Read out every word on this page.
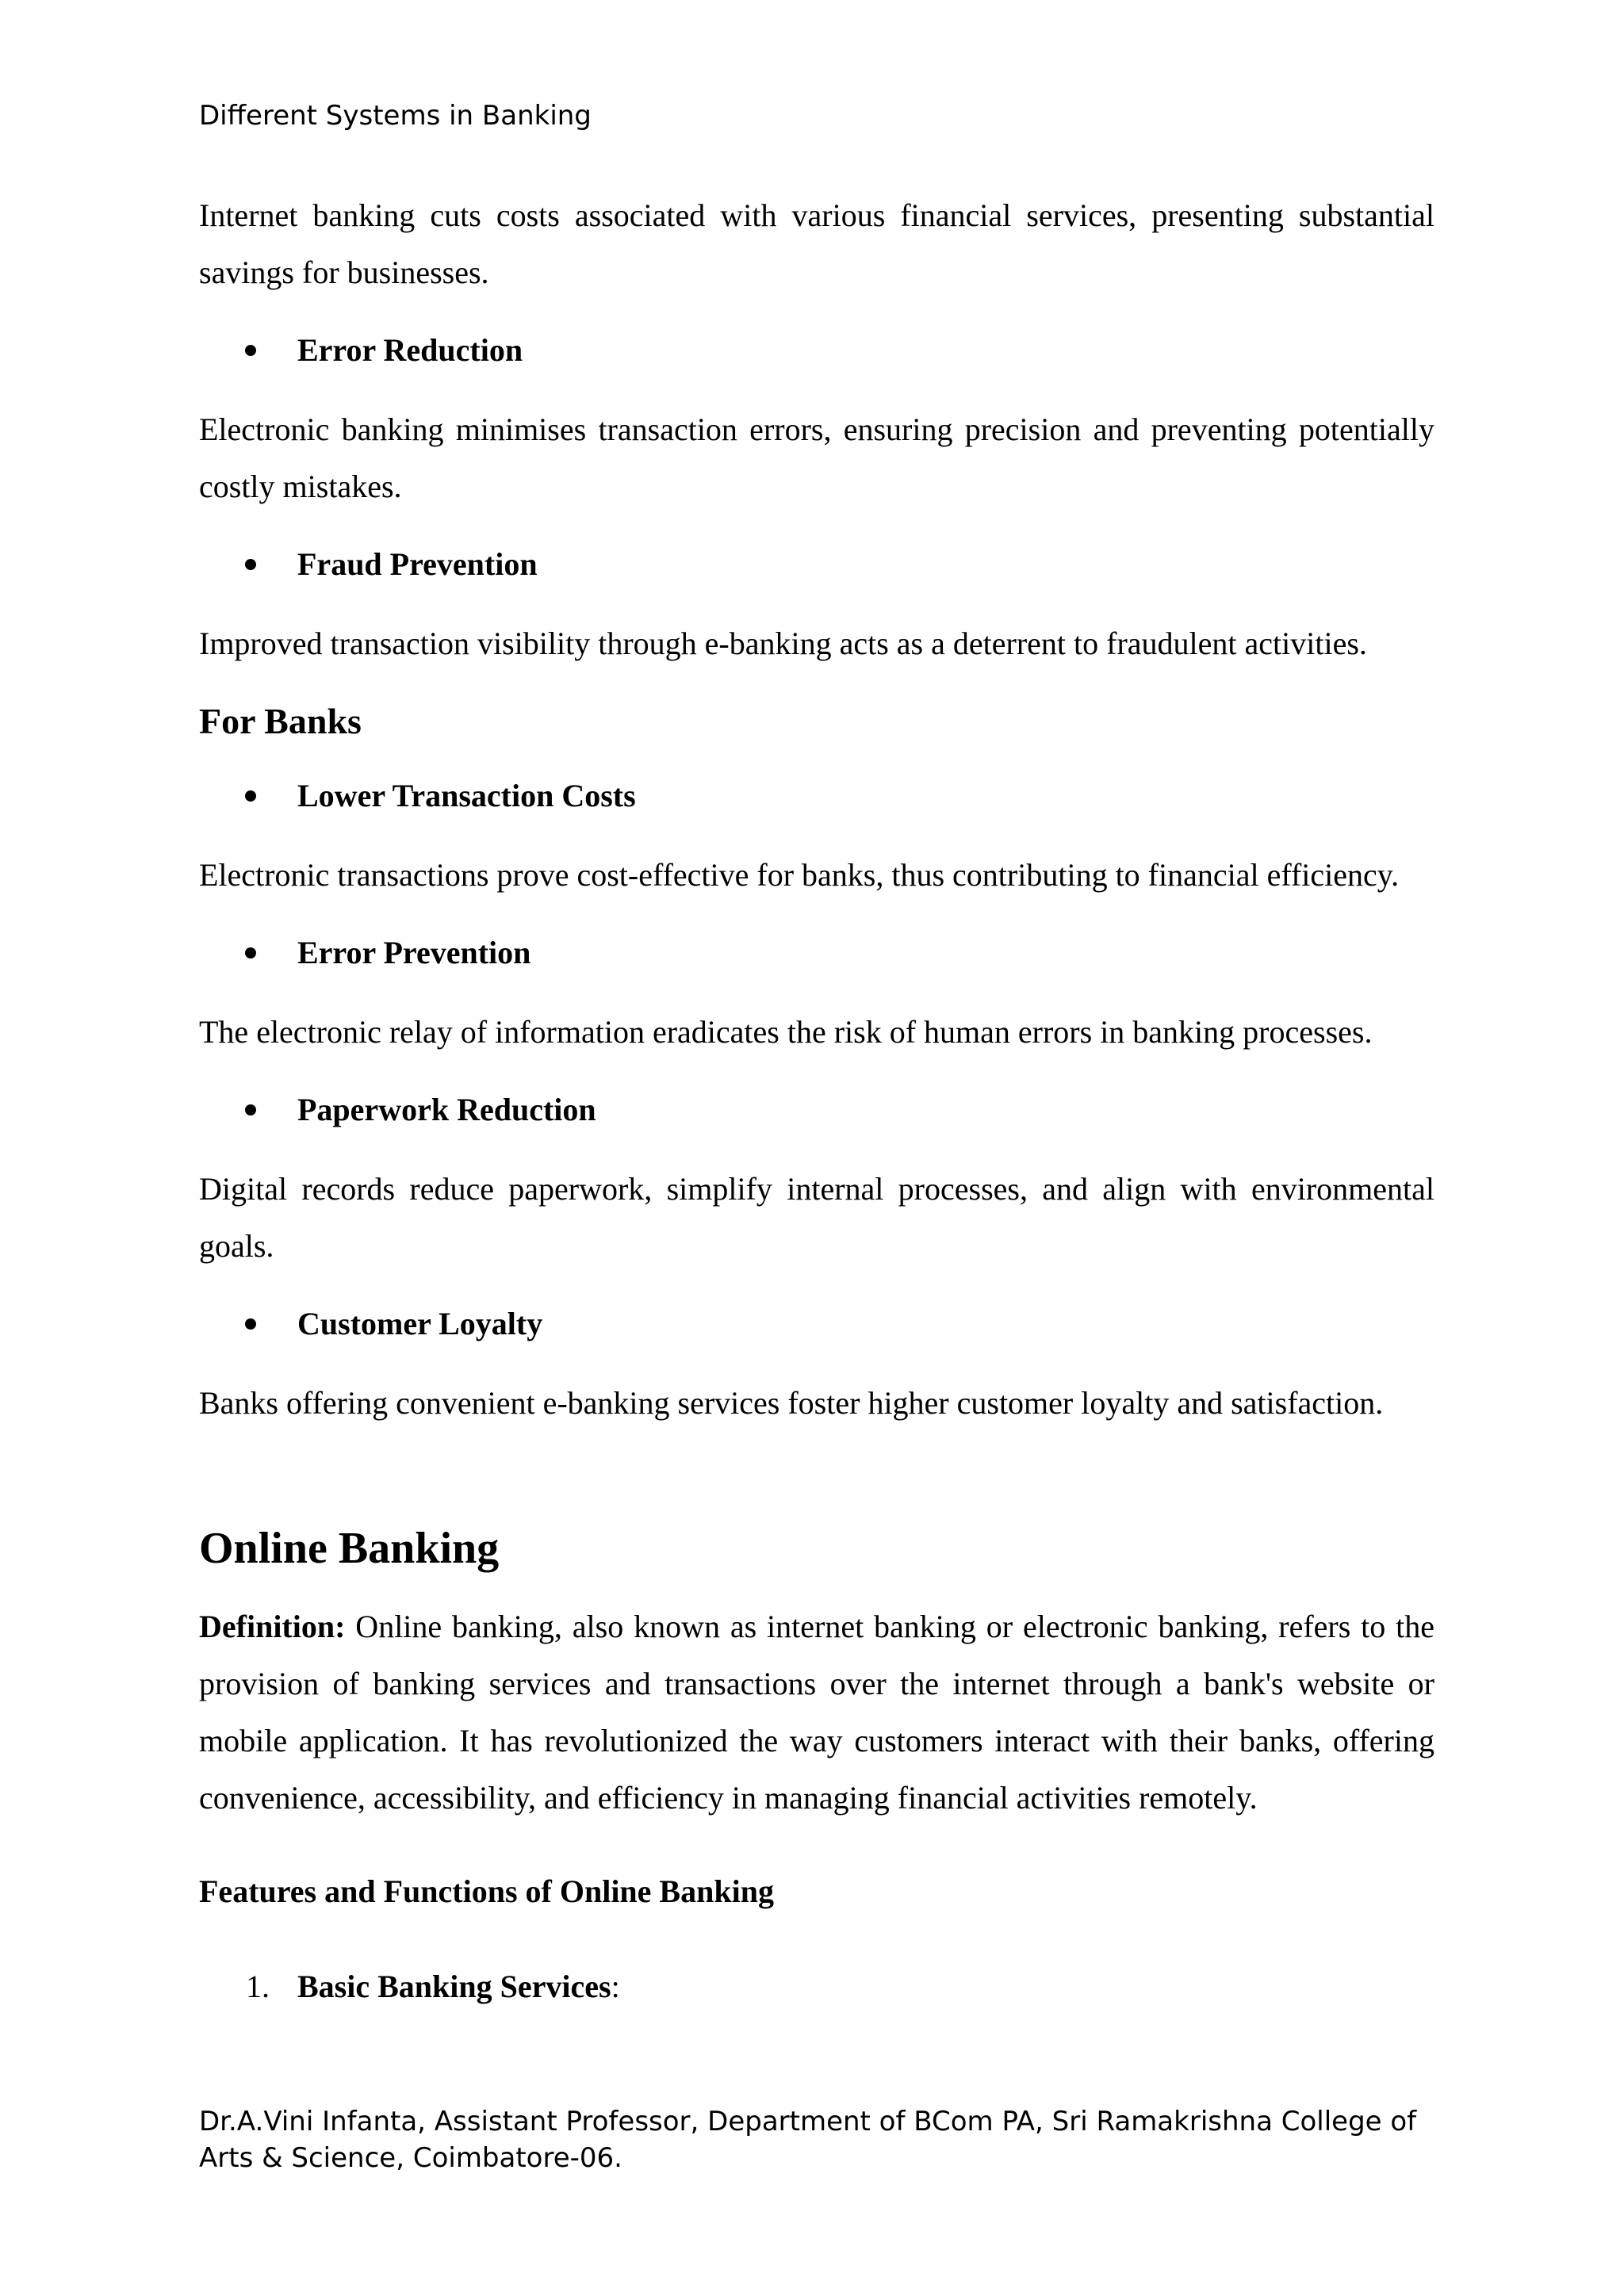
Different Systems in Banking

Internet banking cuts costs associated with various financial services, presenting substantial savings for businesses.

Error Reduction

Electronic banking minimises transaction errors, ensuring precision and preventing potentially costly mistakes.

Fraud Prevention

Improved transaction visibility through e-banking acts as a deterrent to fraudulent activities.

For Banks

Lower Transaction Costs

Electronic transactions prove cost-effective for banks, thus contributing to financial efficiency.

Error Prevention

The electronic relay of information eradicates the risk of human errors in banking processes.

Paperwork Reduction

Digital records reduce paperwork, simplify internal processes, and align with environmental goals.

Customer Loyalty

Banks offering convenient e-banking services foster higher customer loyalty and satisfaction.

Online Banking

Definition: Online banking, also known as internet banking or electronic banking, refers to the provision of banking services and transactions over the internet through a bank's website or mobile application. It has revolutionized the way customers interact with their banks, offering convenience, accessibility, and efficiency in managing financial activities remotely.

Features and Functions of Online Banking

1. Basic Banking Services:

Dr.A.Vini Infanta, Assistant Professor, Department of BCom PA, Sri Ramakrishna College of Arts & Science, Coimbatore-06.
